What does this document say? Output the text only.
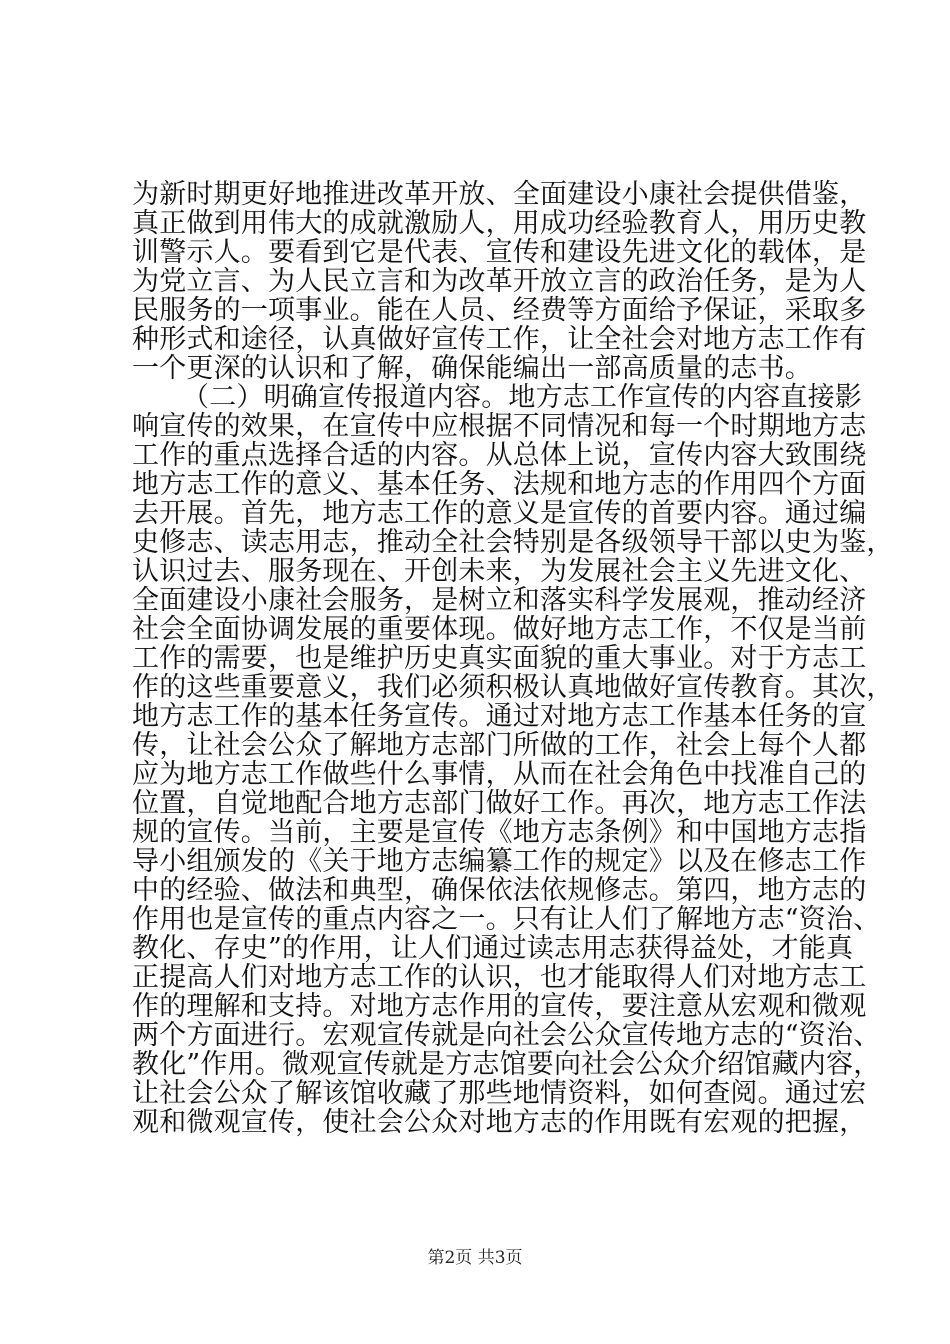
为新时期更好地推进改革开放、全面建设小康社会提供借鉴，
真正做到用伟大的成就激励人，用成功经验教育人，用历史教
训警示人。要看到它是代表、宣传和建设先进文化的载体，是
为党立言、为人民立言和为改革开放立言的政治任务，是为人
民服务的一项事业。能在人员、经费等方面给予保证，采取多
种形式和途径，认真做好宣传工作，让全社会对地方志工作有
一个更深的认识和了解，确保能编出一部高质量的志书。
（二）明确宣传报道内容。地方志工作宣传的内容直接影
响宣传的效果，在宣传中应根据不同情况和每一个时期地方志
工作的重点选择合适的内容。从总体上说，宣传内容大致围绕
地方志工作的意义、基本任务、法规和地方志的作用四个方面
去开展。首先，地方志工作的意义是宣传的首要内容。通过编
史修志、读志用志，推动全社会特别是各级领导干部以史为鉴，
认识过去、服务现在、开创未来，为发展社会主义先进文化、
全面建设小康社会服务，是树立和落实科学发展观，推动经济
社会全面协调发展的重要体现。做好地方志工作，不仅是当前
工作的需要，也是维护历史真实面貌的重大事业。对于方志工
作的这些重要意义，我们必须积极认真地做好宣传教育。其次，
地方志工作的基本任务宣传。通过对地方志工作基本任务的宣
传，让社会公众了解地方志部门所做的工作，社会上每个人都
应为地方志工作做些什么事情，从而在社会角色中找准自己的
位置，自觉地配合地方志部门做好工作。再次，地方志工作法
规的宣传。当前，主要是宣传《地方志条例》和中国地方志指
导小组颁发的《关于地方志编纂工作的规定》以及在修志工作
中的经验、做法和典型，确保依法依规修志。第四，地方志的
作用也是宣传的重点内容之一。只有让人们了解地方志“资治、
教化、存史”的作用，让人们通过读志用志获得益处，才能真
正提高人们对地方志工作的认识，也才能取得人们对地方志工
作的理解和支持。对地方志作用的宣传，要注意从宏观和微观
两个方面进行。宏观宣传就是向社会公众宣传地方志的“资治、
教化”作用。微观宣传就是方志馆要向社会公众介绍馆藏内容，
让社会公众了解该馆收藏了那些地情资料，如何查阅。通过宏
观和微观宣传，使社会公众对地方志的作用既有宏观的把握，
第2页 共3页
